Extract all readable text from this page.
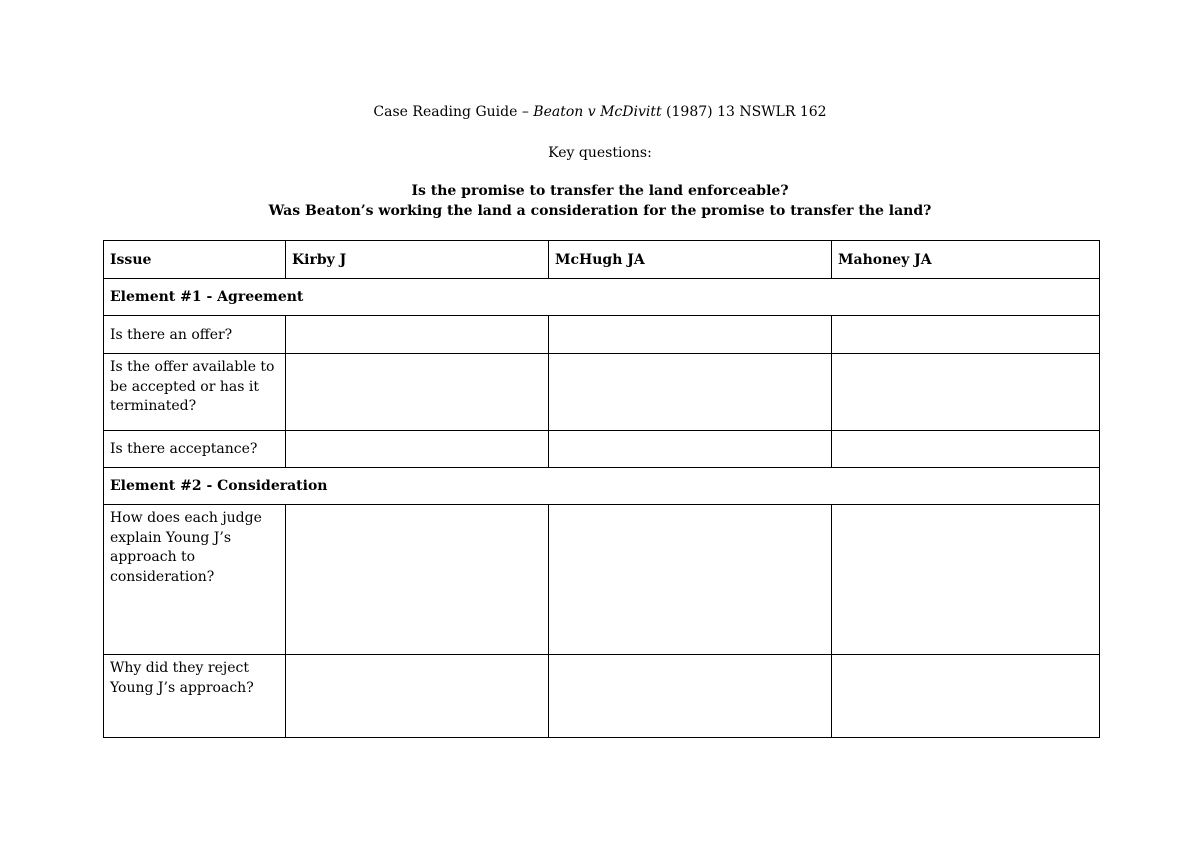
Case Reading Guide – Beaton v McDivitt (1987) 13 NSWLR 162
Key questions:
Is the promise to transfer the land enforceable?
Was Beaton’s working the land a consideration for the promise to transfer the land?
Issue	Kirby J	McHugh JA	Mahoney JA
Element #1 - Agreement			
Is there an offer?			
Is the offer available to be accepted or has it terminated?			
Is there acceptance?			
Element #2 - Consideration			
How does each judge explain Young J’s approach to consideration?			
Why did they reject Young J’s approach?			
